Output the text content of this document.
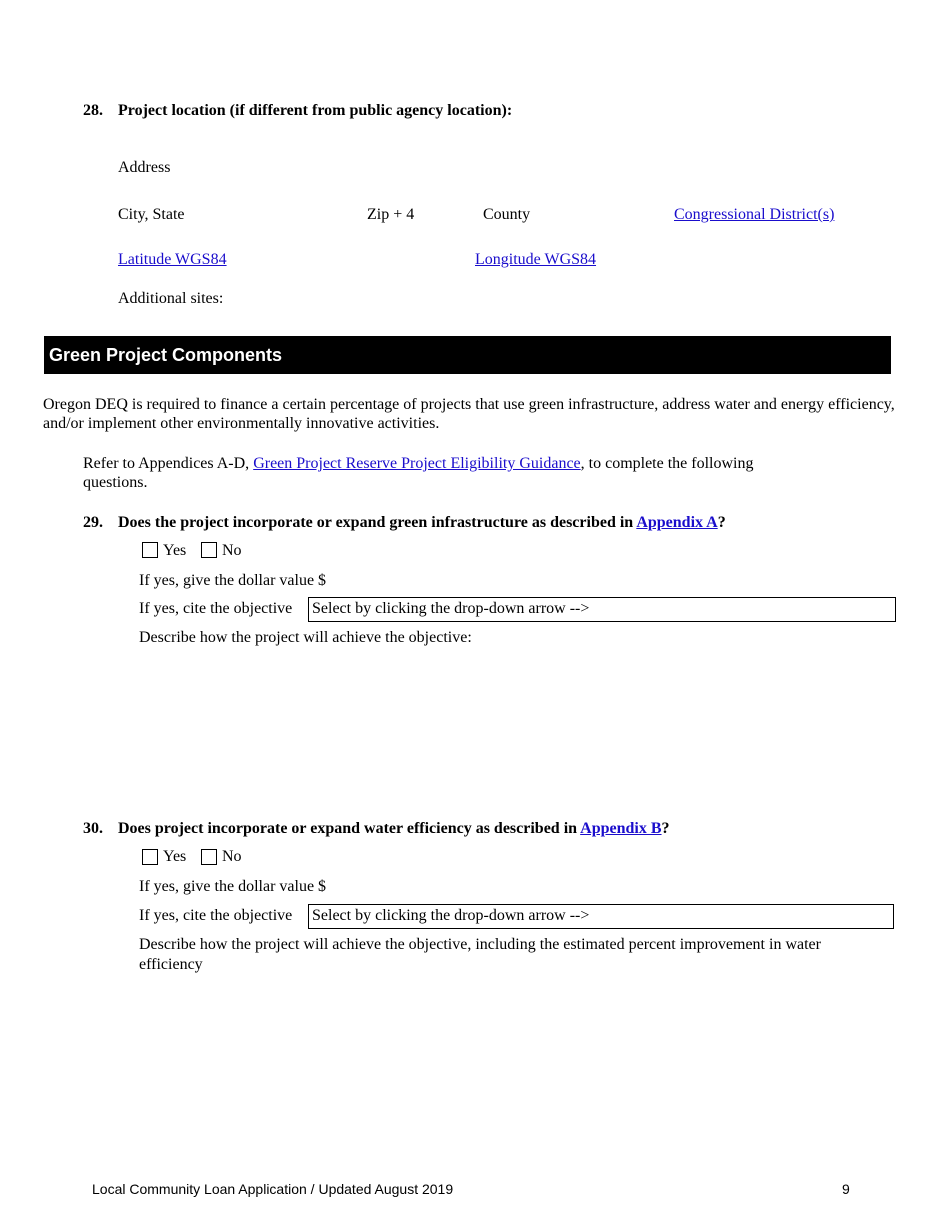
28. Project location (if different from public agency location):
Address
City, State	Zip + 4	County	Congressional District(s)
Latitude WGS84	Longitude WGS84
Additional sites:
Green Project Components
Oregon DEQ is required to finance a certain percentage of projects that use green infrastructure, address water and energy efficiency, and/or implement other environmentally innovative activities.
Refer to Appendices A-D, Green Project Reserve Project Eligibility Guidance, to complete the following questions.
29. Does the project incorporate or expand green infrastructure as described in Appendix A?
Yes No
If yes, give the dollar value $
If yes, cite the objective Select by clicking the drop-down arrow -->
Describe how the project will achieve the objective:
30. Does project incorporate or expand water efficiency as described in Appendix B?
Yes No
If yes, give the dollar value $
If yes, cite the objective Select by clicking the drop-down arrow -->
Describe how the project will achieve the objective, including the estimated percent improvement in water efficiency
Local Community Loan Application / Updated August 2019	9
